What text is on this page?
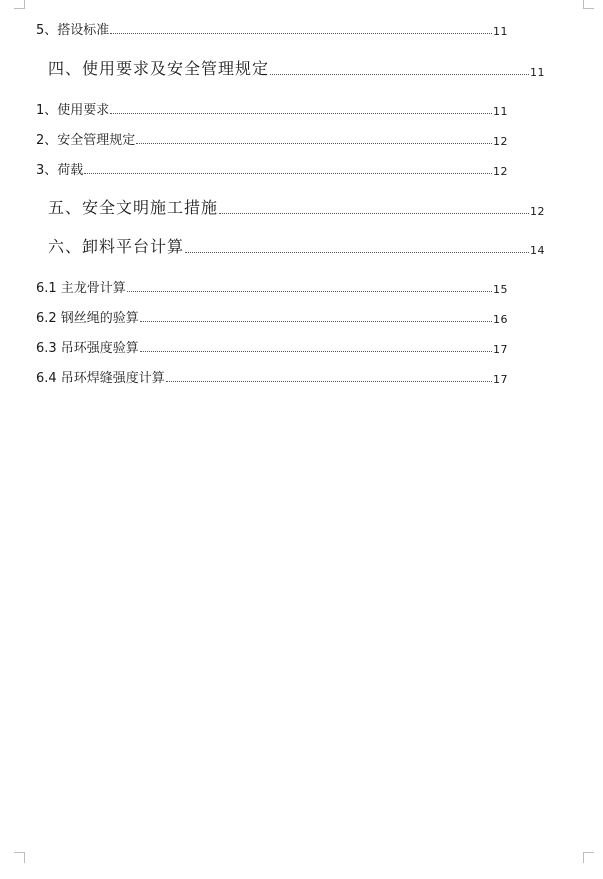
5、搭设标准	11
四、使用要求及安全管理规定	11
1、使用要求	11
2、安全管理规定	12
3、荷载	12
五、安全文明施工措施	12
六、卸料平台计算	14
6.1 主龙骨计算	15
6.2 钢丝绳的验算	16
6.3 吊环强度验算	17
6.4 吊环焊缝强度计算	17
